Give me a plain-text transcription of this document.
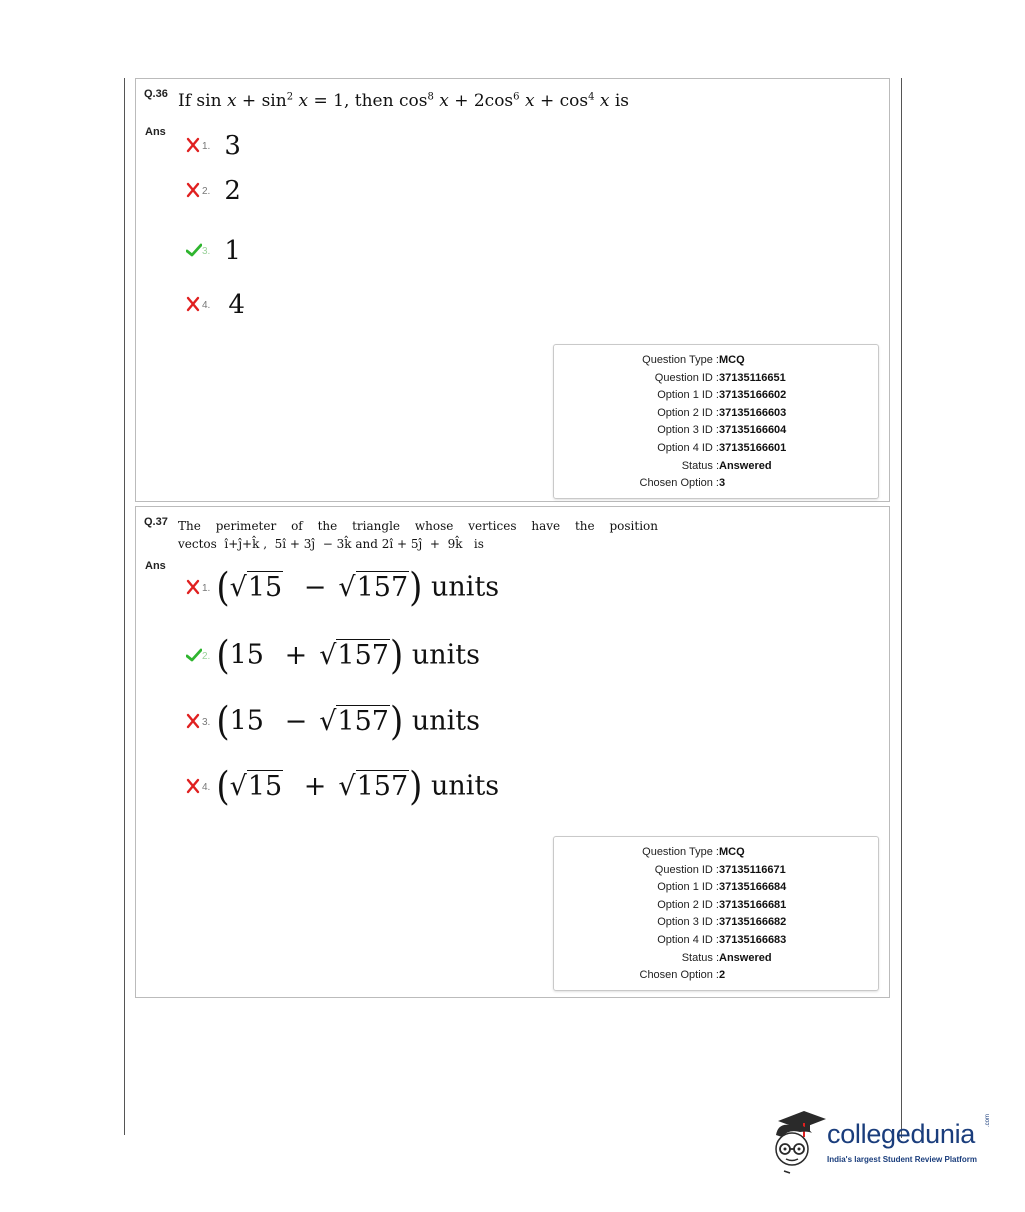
Q.36 If $\sin x + \sin^2 x = 1$, then $\cos^8 x + 2\cos^6$ $x + \cos^4 x$ is
Ans
1. 3
2. 2
3. 1
4. 4
Question Type : MCQ
Question ID : 37135116651
Option 1 ID : 37135166602
Option 2 ID : 37135166603
Option 3 ID : 37135166604
Option 4 ID : 37135166601
Status : Answered
Chosen Option : 3
Q.37 The perimeter of the triangle whose vertices have the position
vectos  î+ĵ+k̂ ,  5î + 3ĵ  − 3k̂ and 2î + 5ĵ  +  9k̂   is
Ans
1. (√15 − √157) units
2. (15 + √157) units
3. (15 − √157) units
4. (√15 + √157) units
Question Type : MCQ
Question ID : 37135116671
Option 1 ID : 37135166684
Option 2 ID : 37135166681
Option 3 ID : 37135166682
Option 4 ID : 37135166683
Status : Answered
Chosen Option : 2
collegedunia .com
India's largest Student Review Platform
